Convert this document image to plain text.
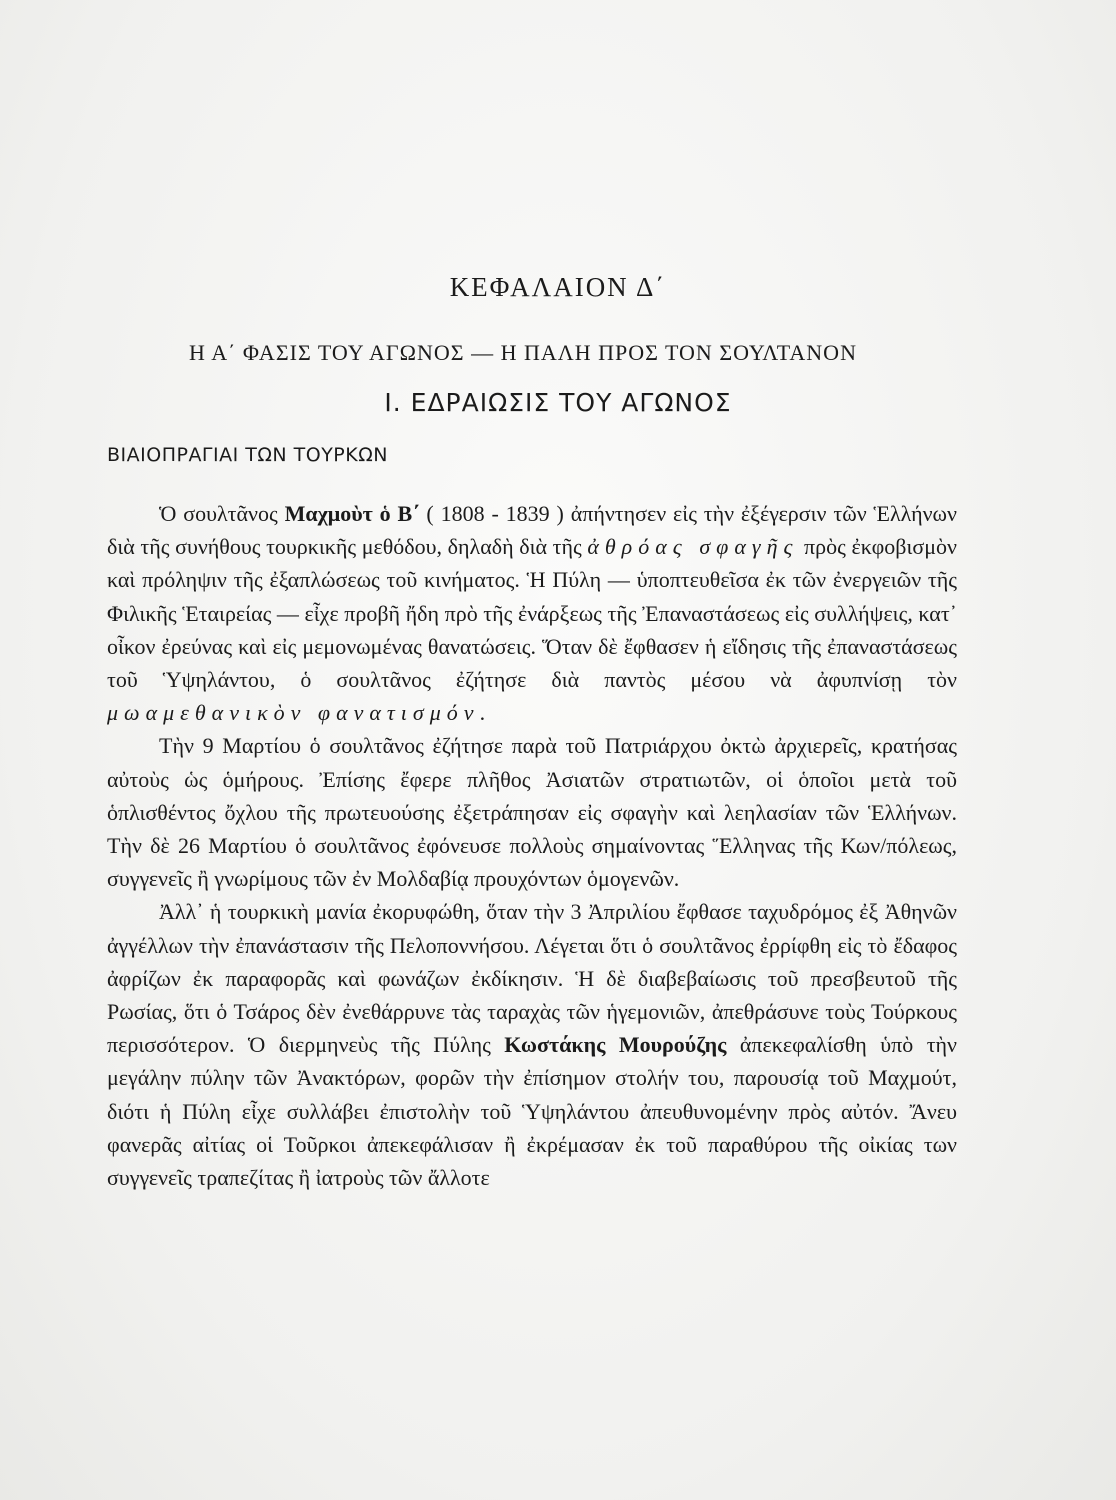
ΚΕΦΑΛΑΙΟΝ Δ΄
Η Α΄ ΦΑΣΙΣ ΤΟΥ ΑΓΩΝΟΣ — Η ΠΑΛΗ ΠΡΟΣ ΤΟΝ ΣΟΥΛΤΑΝΟΝ
Ι. ΕΔΡΑΙΩΣΙΣ ΤΟΥ ΑΓΩΝΟΣ
ΒΙΑΙΟΠΡΑΓΙΑΙ ΤΩΝ ΤΟΥΡΚΩΝ

Ὁ σουλτᾶνος Μαχμοὺτ ὁ Β΄ ( 1808 - 1839 ) ἀπήντησεν εἰς τὴν ἐξέγερσιν τῶν Ἑλλήνων διὰ τῆς συνήθους τουρκικῆς μεθόδου, δηλαδὴ διὰ τῆς ἀθρόας σφαγῆς πρὸς ἐκφοβισμὸν καὶ πρόληψιν τῆς ἐξαπλώσεως τοῦ κινήματος. Ἡ Πύλη — ὑποπτευθεῖσα ἐκ τῶν ἐνεργειῶν τῆς Φιλικῆς Ἑταιρείας — εἶχε προβῆ ἤδη πρὸ τῆς ἐνάρξεως τῆς Ἐπαναστάσεως εἰς συλλήψεις, κατ᾽ οἶκον ἐρεύνας καὶ εἰς μεμονωμένας θανατώσεις. Ὅταν δὲ ἔφθασεν ἡ εἴδησις τῆς ἐπαναστάσεως τοῦ Ὑψηλάντου, ὁ σουλτᾶνος ἐζήτησε διὰ παντὸς μέσου νὰ ἀφυπνίσῃ τὸν μωαμεθανικὸν φανατισμόν.

Τὴν 9 Μαρτίου ὁ σουλτᾶνος ἐζήτησε παρὰ τοῦ Πατριάρχου ὀκτὼ ἀρχιερεῖς, κρατήσας αὐτοὺς ὡς ὁμήρους. Ἐπίσης ἔφερε πλῆθος Ἀσιατῶν στρατιωτῶν, οἱ ὁποῖοι μετὰ τοῦ ὁπλισθέντος ὄχλου τῆς πρωτευούσης ἐξετράπησαν εἰς σφαγὴν καὶ λεηλασίαν τῶν Ἑλλήνων. Τὴν δὲ 26 Μαρτίου ὁ σουλτᾶνος ἐφόνευσε πολλοὺς σημαίνοντας Ἕλληνας τῆς Κων/πόλεως, συγγενεῖς ἢ γνωρίμους τῶν ἐν Μολδαβίᾳ προυχόντων ὁμογενῶν.

Ἀλλ᾽ ἡ τουρκικὴ μανία ἐκορυφώθη, ὅταν τὴν 3 Ἀπριλίου ἔφθασε ταχυδρόμος ἐξ Ἀθηνῶν ἀγγέλλων τὴν ἐπανάστασιν τῆς Πελοποννήσου. Λέγεται ὅτι ὁ σουλτᾶνος ἐρρίφθη εἰς τὸ ἔδαφος ἀφρίζων ἐκ παραφορᾶς καὶ φωνάζων ἐκδίκησιν. Ἡ δὲ διαβεβαίωσις τοῦ πρεσβευτοῦ τῆς Ρωσίας, ὅτι ὁ Τσάρος δὲν ἐνεθάρρυνε τὰς ταραχὰς τῶν ἡγεμονιῶν, ἀπεθράσυνε τοὺς Τούρκους περισσότερον. Ὁ διερμηνεὺς τῆς Πύλης Κωστάκης Μουρούζης ἀπεκεφαλίσθη ὑπὸ τὴν μεγάλην πύλην τῶν Ἀνακτόρων, φορῶν τὴν ἐπίσημον στολήν του, παρουσίᾳ τοῦ Μαχμούτ, διότι ἡ Πύλη εἶχε συλλάβει ἐπιστολὴν τοῦ Ὑψηλάντου ἀπευθυνομένην πρὸς αὐτόν. Ἄνευ φανερᾶς αἰτίας οἱ Τοῦρκοι ἀπεκεφάλισαν ἢ ἐκρέμασαν ἐκ τοῦ παραθύρου τῆς οἰκίας των συγγενεῖς τραπεζίτας ἢ ἰατροὺς τῶν ἄλλοτε
